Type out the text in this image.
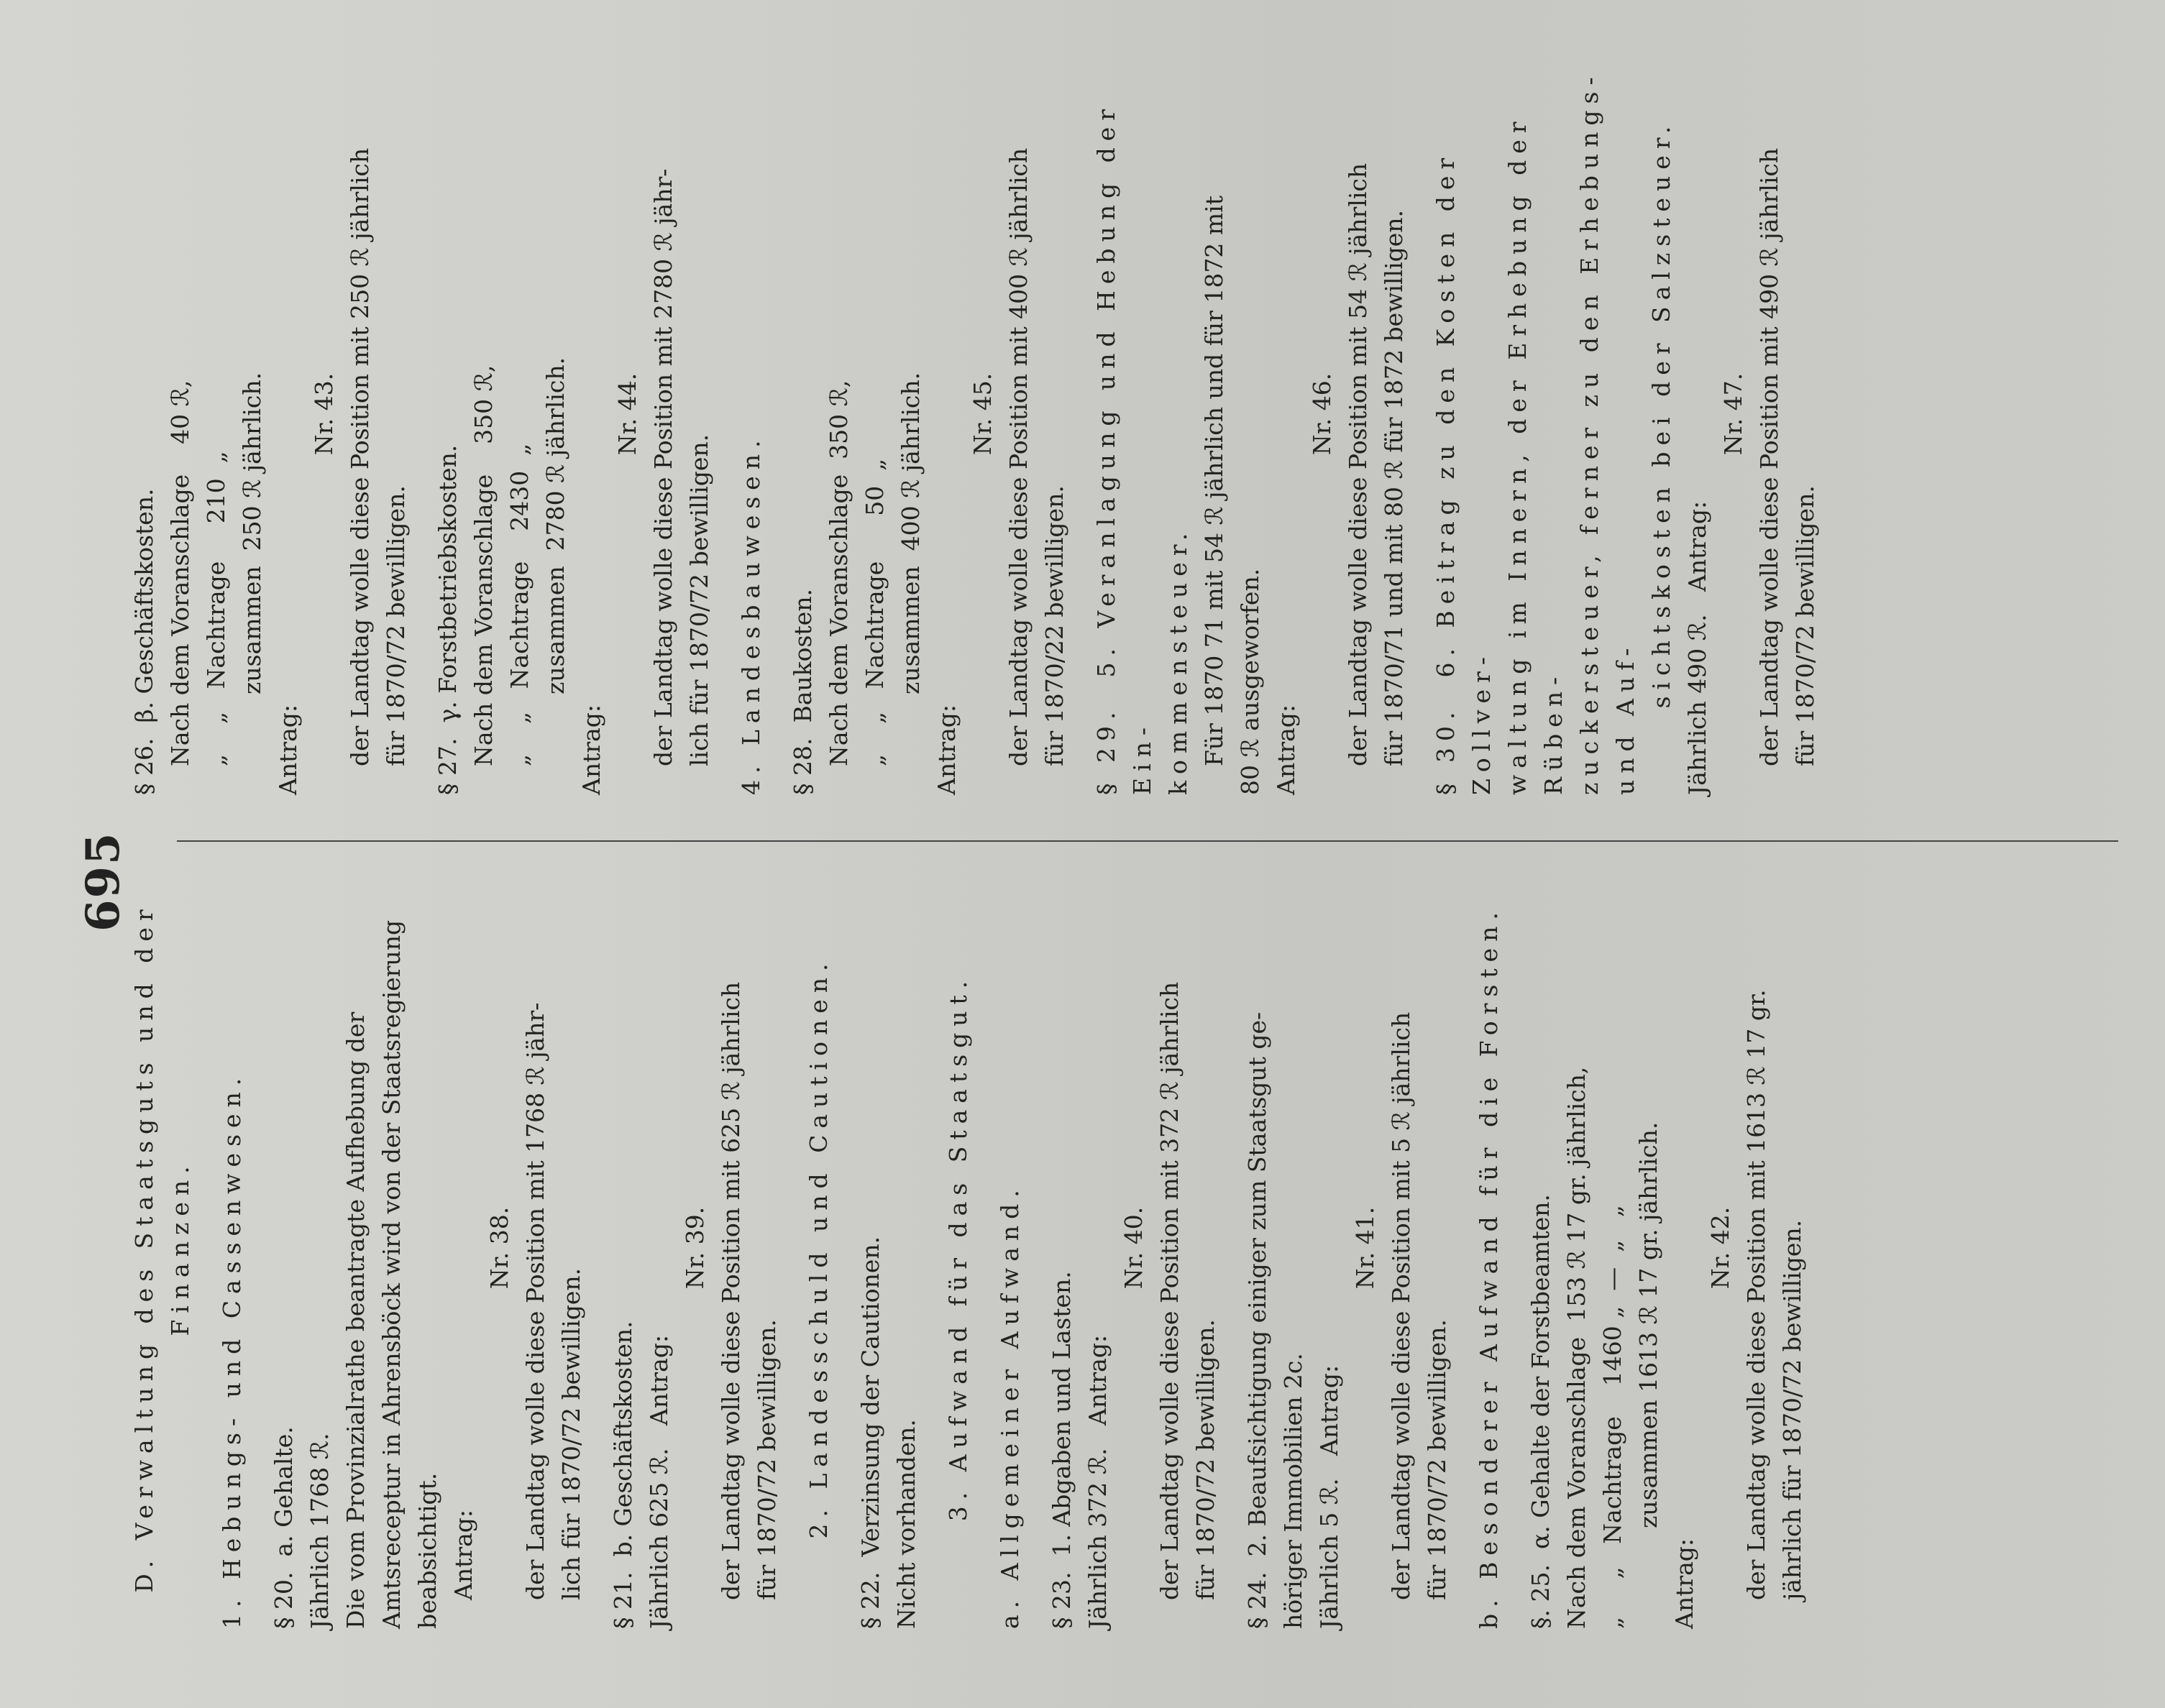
695

D. Verwaltung des Staatsguts und der Finanzen. 1. Hebungs- und Cassenwesen. § 20.  a. Gehalte. Jährlich 1768 ℛ. Die vom Provinzialrathe beantragte Aufhebung der Amtsreceptur in Ahrensböck wird von der Staatsregierung beabsichtigt. Antrag:

Nr. 38. der Landtag wolle diese Position mit 1768 ℛ jähr- lich für 1870/72 bewilligen. § 21.  b. Geschäftskosten. Jährlich 625 ℛ.   Antrag:

Nr. 39. der Landtag wolle diese Position mit 625 ℛ jährlich für 1870/72 bewilligen. 2. Landesschuld und Cautionen. § 22.  Verzinsung der Cautionen. Nicht vorhanden.

3. Aufwand für das Staatsgut. a. Allgemeiner Aufwand. § 23.  1. Abgaben und Lasten. Jährlich 372 ℛ.   Antrag:

Nr. 40. der Landtag wolle diese Position mit 372 ℛ jährlich für 1870/72 bewilligen. § 24.  2. Beaufsichtigung einiger zum Staatsgut ge- höriger Immobilien 2c. Jährlich 5 ℛ.   Antrag:

Nr. 41. der Landtag wolle diese Position mit 5 ℛ jährlich für 1870/72 bewilligen. b. Besonderer Aufwand für die Forsten. §. 25.  α. Gehalte der Forstbeamten. Nach dem Voranschlage  153 ℛ 17 gr. jährlich, „     „   Nachtrage    1460 „  —  „   „ zusammen 1613 ℛ 17 gr. jährlich.

Antrag:

Nr. 42. der Landtag wolle diese Position mit 1613 ℛ 17 gr. jährlich für 1870/72 bewilligen.

§ 26.  β. Geschäftskosten. Nach dem Voranschlage    40 ℛ, „    „   Nachtrage     210  „ zusammen  250 ℛ jährlich.

Antrag:

Nr. 43. der Landtag wolle diese Position mit 250 ℛ jährlich für 1870/72 bewilligen. § 27.  γ. Forstbetriebskosten. Nach dem Voranschlage    350 ℛ, „    „   Nachtrage    2430  „ zusammen  2780 ℛ jährlich.

Antrag:

Nr. 44. der Landtag wolle diese Position mit 2780 ℛ jähr- lich für 1870/72 bewilligen. 4. Landesbauwesen. § 28.  Baukosten. Nach dem Voranschlage  350 ℛ, „    „   Nachtrage      50  „ zusammen  400 ℛ jährlich.

Antrag:

Nr. 45. der Landtag wolle diese Position mit 400 ℛ jährlich für 1870/22 bewilligen. § 29.  5. Veranlagung und Hebung der Ein- kommensteuer. Für 1870 71 mit 54 ℛ jährlich und für 1872 mit 80 ℛ ausgeworfen. Antrag:

Nr. 46. der Landtag wolle diese Position mit 54 ℛ jährlich für 1870/71 und mit 80 ℛ für 1872 bewilligen. § 30.  6. Beitrag zu den Kosten der Zollver- waltung im Innern, der Erhebung der Rüben- zuckersteuer, ferner zu den Erhebungs- und Auf-

sichtskosten bei der Salzsteuer. Jährlich 490 ℛ.   Antrag:

Nr. 47. der Landtag wolle diese Position mit 490 ℛ jährlich für 1870/72 bewilligen.
